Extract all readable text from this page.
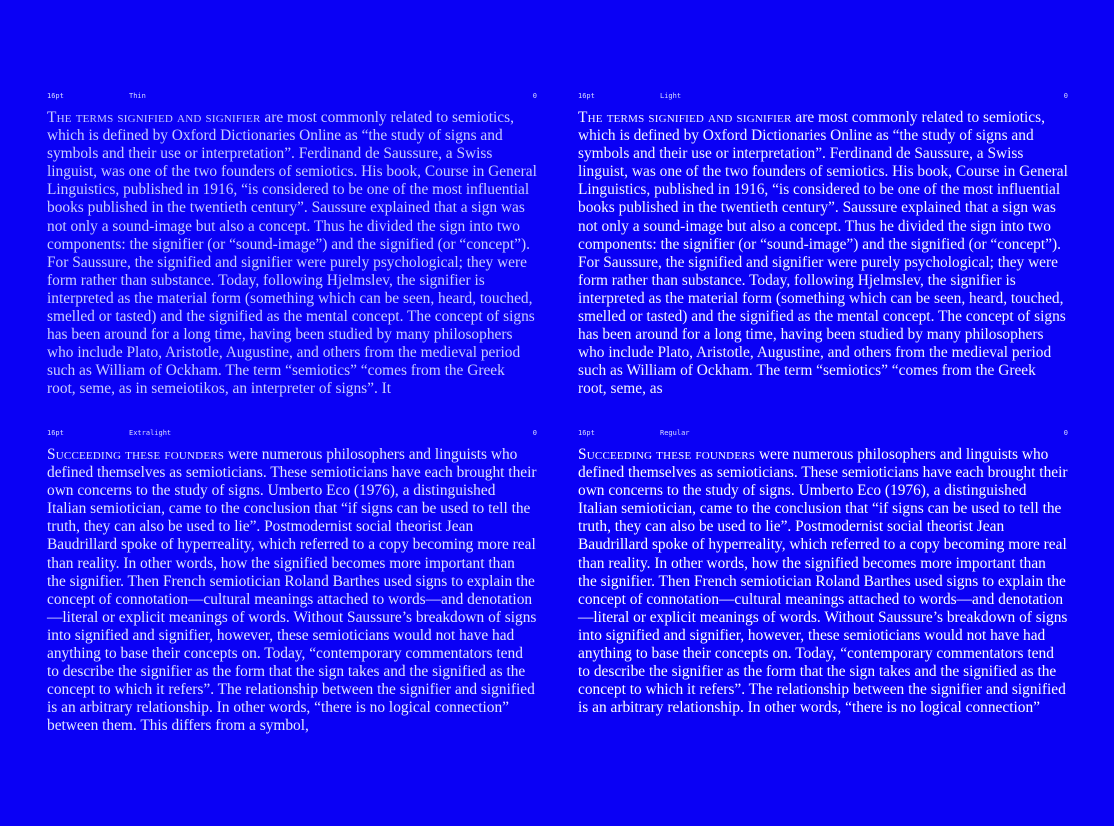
16pt	Thin	0

The terms signified and signifier are most commonly related to semiotics, which is defined by Oxford Dictionaries Online as “the study of signs and symbols and their use or interpretation”. Ferdinand de Saussure, a Swiss linguist, was one of the two founders of semiotics. His book, Course in General Linguistics, published in 1916, “is considered to be one of the most influential books published in the twentieth century”. Saussure explained that a sign was not only a sound-image but also a concept. Thus he divided the sign into two components: the signifier (or “sound-image”) and the signified (or “concept”). For Saussure, the signified and signifier were purely psychological; they were form rather than substance. Today, following Hjelmslev, the signifier is interpreted as the material form (something which can be seen, heard, touched, smelled or tasted) and the signified as the mental concept. The concept of signs has been around for a long time, having been studied by many philosophers who include Plato, Aristotle, Augustine, and others from the medieval period such as William of Ockham. The term “semiotics” “comes from the Greek root, seme, as in semeiotikos, an interpreter of signs”. It

16pt	Light	0

The terms signified and signifier are most commonly related to semiotics, which is defined by Oxford Dictionaries Online as “the study of signs and symbols and their use or interpretation”. Ferdinand de Saussure, a Swiss linguist, was one of the two founders of semiotics. His book, Course in General Linguistics, published in 1916, “is considered to be one of the most influential books published in the twentieth century”. Saussure explained that a sign was not only a sound-image but also a concept. Thus he divided the sign into two components: the signifier (or “sound-image”) and the signified (or “concept”). For Saussure, the signified and signifier were purely psychological; they were form rather than substance. Today, following Hjelmslev, the signifier is interpreted as the material form (something which can be seen, heard, touched, smelled or tasted) and the signified as the mental concept. The concept of signs has been around for a long time, having been studied by many philosophers who include Plato, Aristotle, Augustine, and others from the medieval period such as William of Ockham. The term “semiotics” “comes from the Greek root, seme, as

16pt	Extralight	0

Succeeding these founders were numerous philosophers and linguists who defined themselves as semioticians. These semioticians have each brought their own concerns to the study of signs. Umberto Eco (1976), a distinguished Italian semiotician, came to the conclusion that “if signs can be used to tell the truth, they can also be used to lie”. Postmodernist social theorist Jean Baudrillard spoke of hyperreality, which referred to a copy becoming more real than reality. In other words, how the signified becomes more important than the signifier. Then French semiotician Roland Barthes used signs to explain the concept of connotation—cultural meanings attached to words—and denotation—literal or explicit meanings of words. Without Saussure’s breakdown of signs into signified and signifier, however, these semioticians would not have had anything to base their concepts on. Today, “contemporary commentators tend to describe the signifier as the form that the sign takes and the signified as the concept to which it refers”. The relationship between the signifier and signified is an arbitrary relationship. In other words, “there is no logical connection” between them. This differs from a symbol,

16pt	Regular	0

Succeeding these founders were numerous philosophers and linguists who defined themselves as semioticians. These semioticians have each brought their own concerns to the study of signs. Umberto Eco (1976), a distinguished Italian semiotician, came to the conclusion that “if signs can be used to tell the truth, they can also be used to lie”. Postmodernist social theorist Jean Baudrillard spoke of hyperreality, which referred to a copy becoming more real than reality. In other words, how the signified becomes more important than the signifier. Then French semiotician Roland Barthes used signs to explain the concept of connotation—cultural meanings attached to words—and denotation—literal or explicit meanings of words. Without Saussure’s breakdown of signs into signified and signifier, however, these semioticians would not have had anything to base their concepts on. Today, “contemporary commentators tend to describe the signifier as the form that the sign takes and the signified as the concept to which it refers”. The relationship between the signifier and signified is an arbitrary relationship. In other words, “there is no logical connection”
